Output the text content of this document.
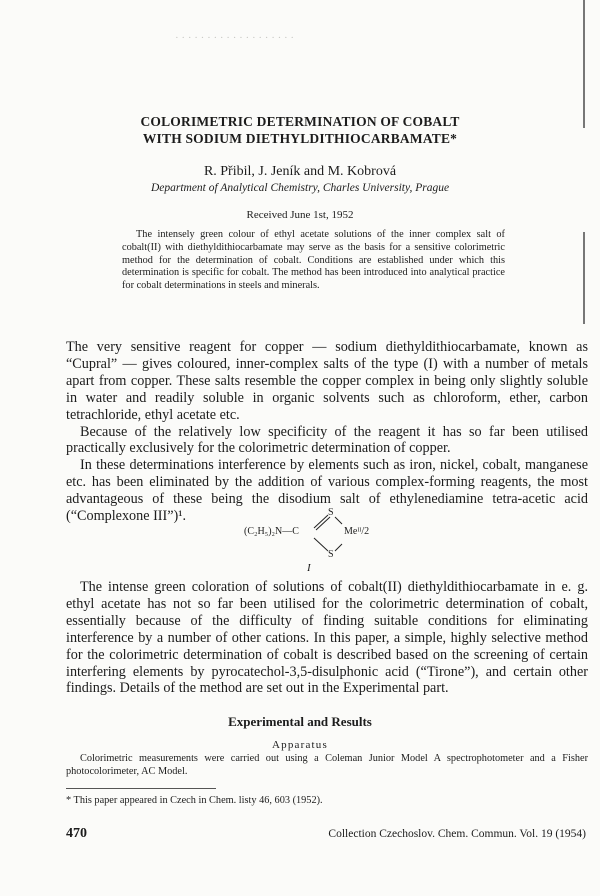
· · · · · · · · · · · · · · · · · · ·
COLORIMETRIC DETERMINATION OF COBALT
WITH SODIUM DIETHYLDITHIOCARBAMATE*
R. Přibil, J. Jeník and M. Kobrová
Department of Analytical Chemistry, Charles University, Prague
Received June 1st, 1952

The intensely green colour of ethyl acetate solutions of the inner complex salt of cobalt(II) with diethyldithiocarbamate may serve as the basis for a sensitive colorimetric method for the determination of cobalt. Conditions are established under which this determination is specific for cobalt. The method has been introduced into analytical practice for cobalt determinations in steels and minerals.

The very sensitive reagent for copper — sodium diethyldithiocarbamate, known as “Cupral” — gives coloured, inner-complex salts of the type (I) with a number of metals apart from copper. These salts resemble the copper complex in being only slightly soluble in water and readily soluble in organic solvents such as chloroform, ether, carbon tetrachloride, ethyl acetate etc.

Because of the relatively low specificity of the reagent it has so far been utilised practically exclusively for the colorimetric determination of copper.

In these determinations interference by elements such as iron, nickel, cobalt, manganese etc. has been eliminated by the addition of various complex-forming reagents, the most advantageous of these being the disodium salt of ethylenediamine tetra-acetic acid (“Complexone III”)¹.

(C₂H₅)₂N—C
S
S
Meᴵᴵ/2
I

The intense green coloration of solutions of cobalt(II) diethyldithiocarbamate in e. g. ethyl acetate has not so far been utilised for the colorimetric determination of cobalt, essentially because of the difficulty of finding suitable conditions for eliminating interference by a number of other cations. In this paper, a simple, highly selective method for the colorimetric determination of cobalt is described based on the screening of certain interfering elements by pyrocatechol-3,5-disulphonic acid (“Tirone”), and certain other findings. Details of the method are set out in the Experimental part.

Experimental and Results
Apparatus

Colorimetric measurements were carried out using a Coleman Junior Model A spectrophotometer and a Fisher photocolorimeter, AC Model.

* This paper appeared in Czech in Chem. listy 46, 603 (1952).
470	Collection Czechoslov. Chem. Commun. Vol. 19 (1954)
